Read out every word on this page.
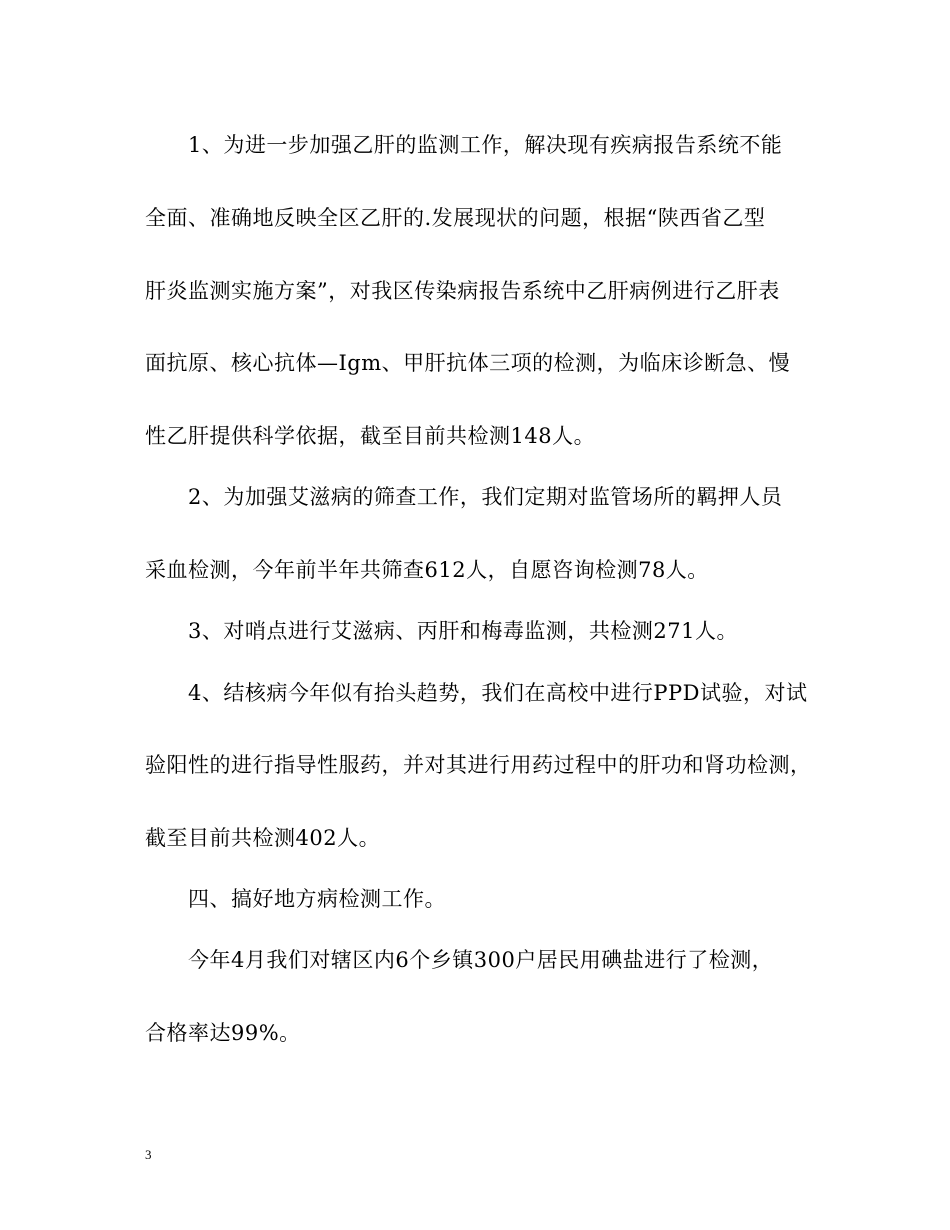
1、为进一步加强乙肝的监测工作，解决现有疾病报告系统不能
全面、准确地反映全区乙肝的.发展现状的问题，根据“陕西省乙型
肝炎监测实施方案”，对我区传染病报告系统中乙肝病例进行乙肝表
面抗原、核心抗体—Igm、甲肝抗体三项的检测，为临床诊断急、慢
性乙肝提供科学依据，截至目前共检测148人。
2、为加强艾滋病的筛查工作，我们定期对监管场所的羁押人员
采血检测，今年前半年共筛查612人，自愿咨询检测78人。
3、对哨点进行艾滋病、丙肝和梅毒监测，共检测271人。
4、结核病今年似有抬头趋势，我们在高校中进行PPD试验，对试
验阳性的进行指导性服药，并对其进行用药过程中的肝功和肾功检测，
截至目前共检测402人。
四、搞好地方病检测工作。
今年4月我们对辖区内6个乡镇300户居民用碘盐进行了检测，
合格率达99%。
3
